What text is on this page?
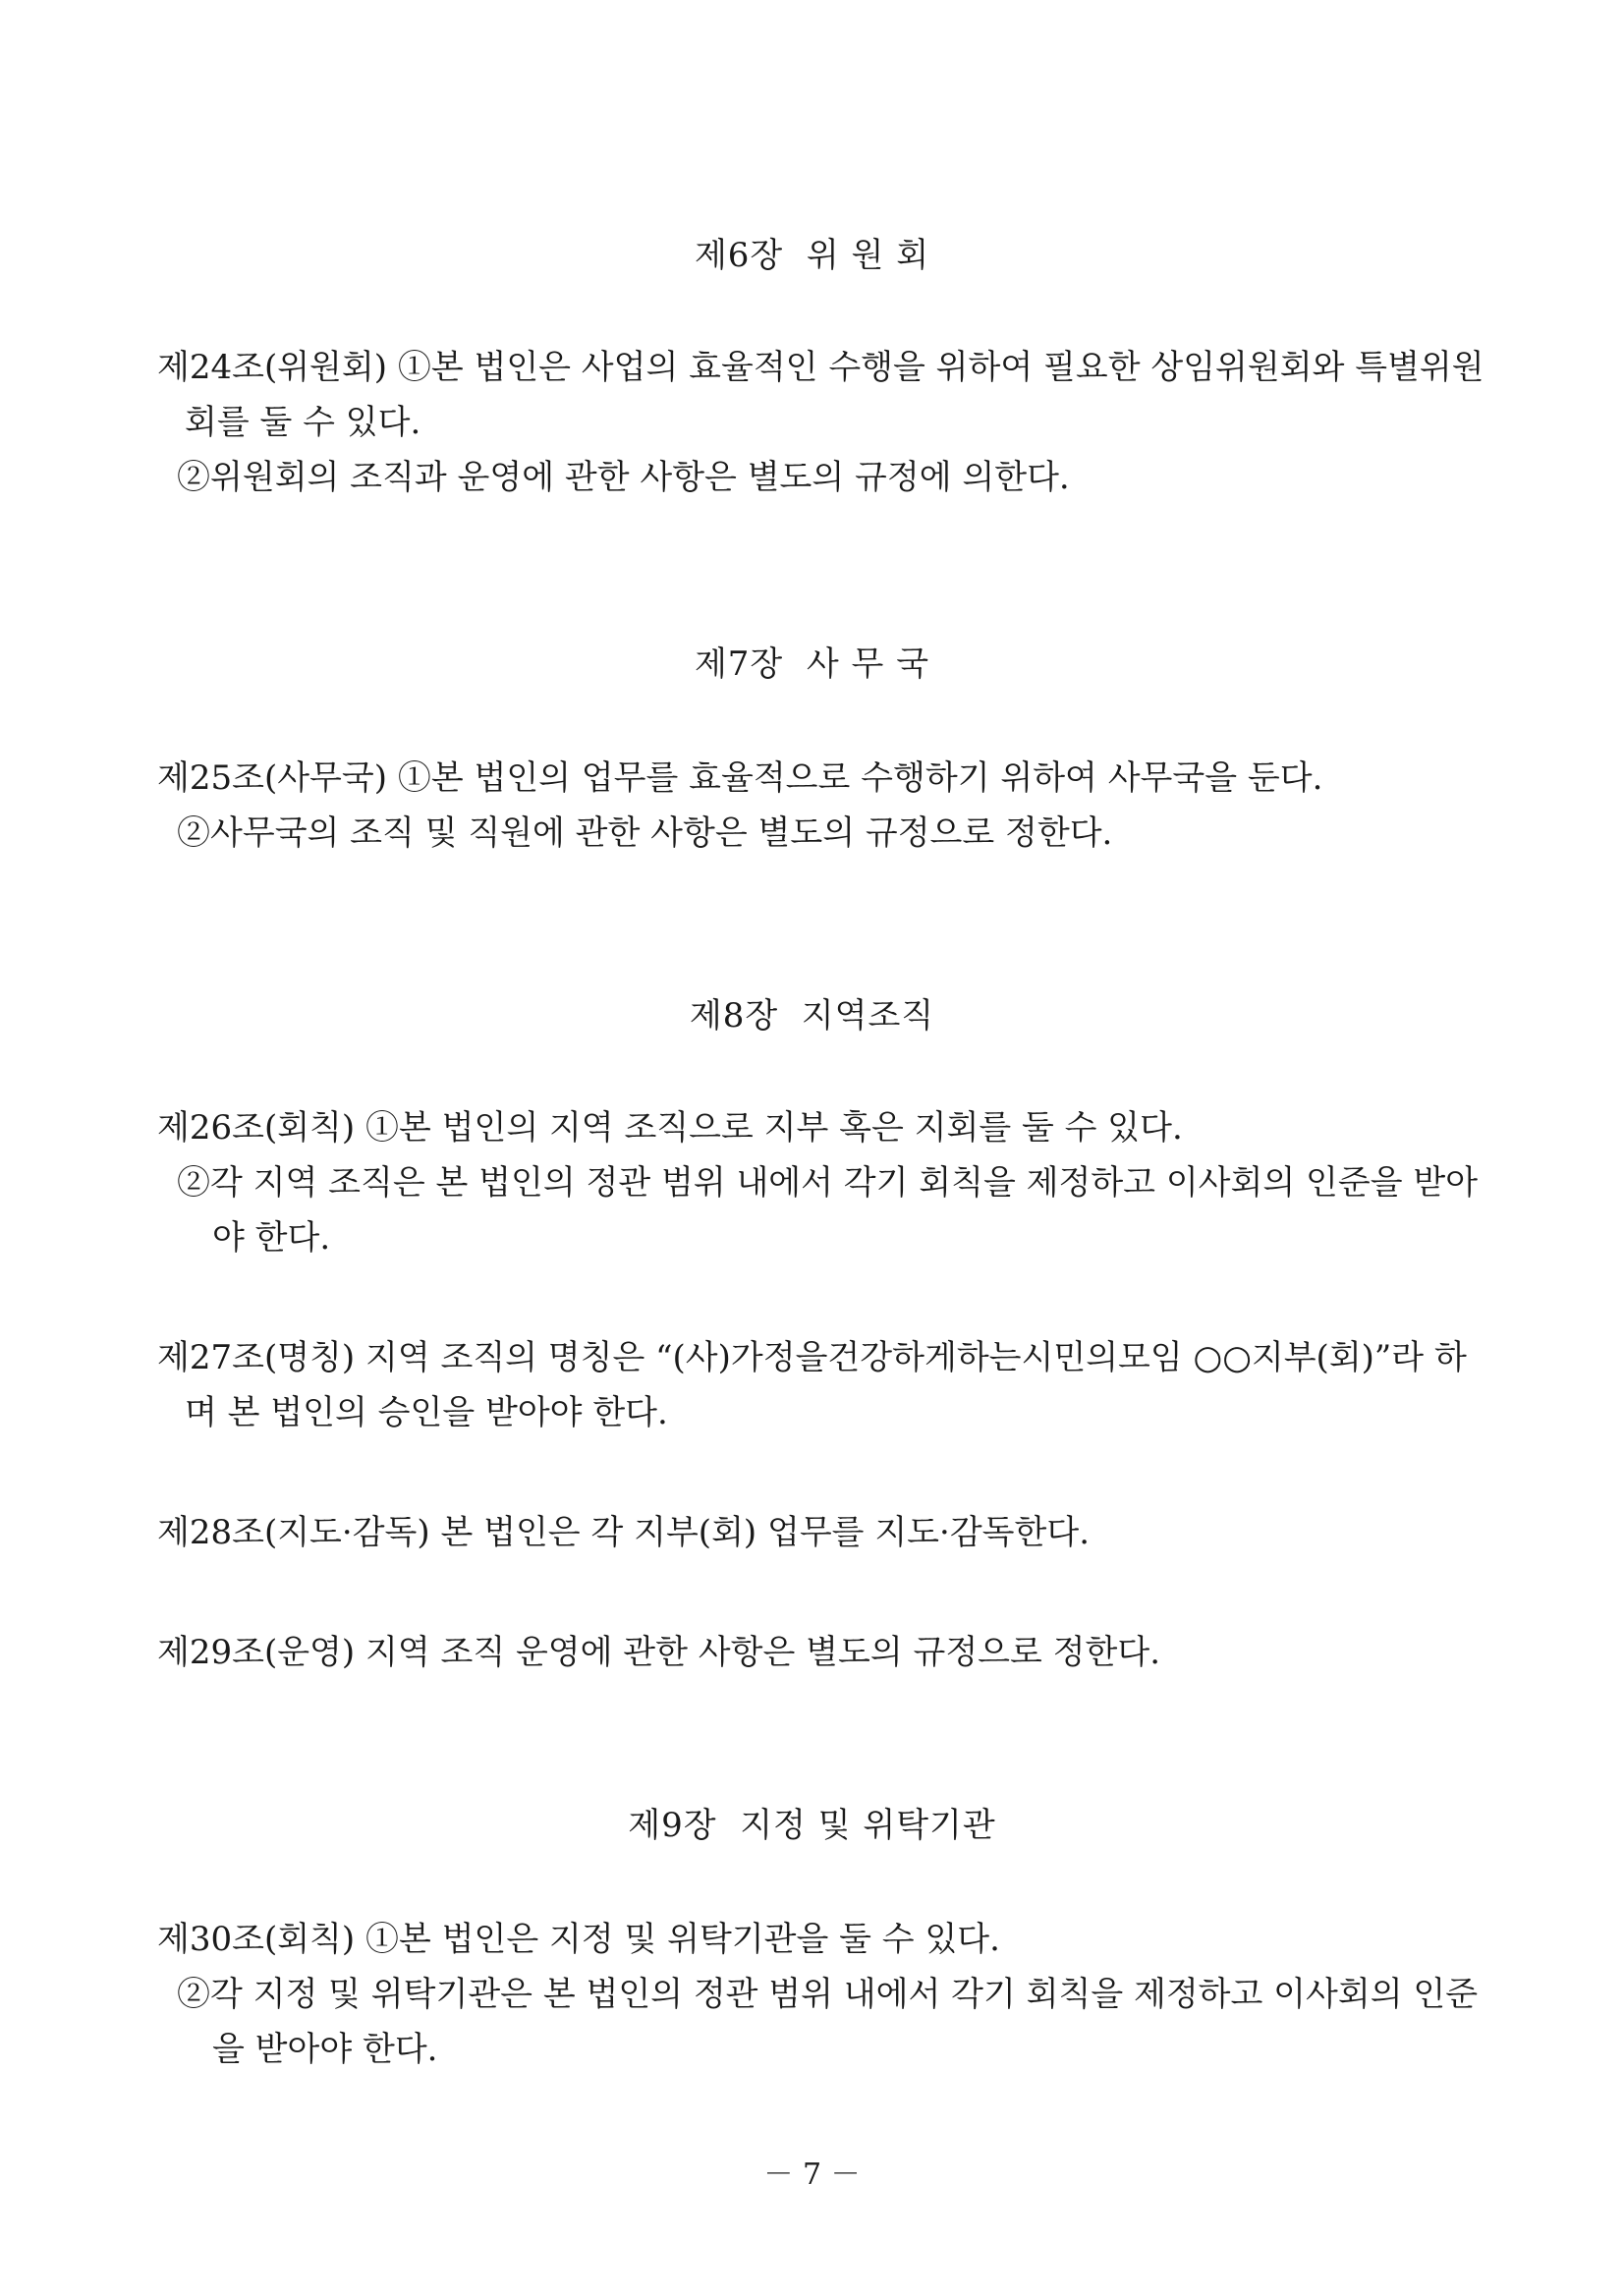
제6장  위 원 회

제24조(위원회) ①본 법인은 사업의 효율적인 수행을 위하여 필요한 상임위원회와 특별위원회를 둘 수 있다.

②위원회의 조직과 운영에 관한 사항은 별도의 규정에 의한다.

제7장  사 무 국

제25조(사무국) ①본 법인의 업무를 효율적으로 수행하기 위하여 사무국을 둔다.

②사무국의 조직 및 직원에 관한 사항은 별도의 규정으로 정한다.

제8장  지역조직

제26조(회칙) ①본 법인의 지역 조직으로 지부 혹은 지회를 둘 수 있다.

②각 지역 조직은 본 법인의 정관 범위 내에서 각기 회칙을 제정하고 이사회의 인준을 받아야 한다.

제27조(명칭) 지역 조직의 명칭은 “(사)가정을건강하게하는시민의모임 ○○지부(회)”라 하며 본 법인의 승인을 받아야 한다.

제28조(지도·감독) 본 법인은 각 지부(회) 업무를 지도·감독한다.

제29조(운영) 지역 조직 운영에 관한 사항은 별도의 규정으로 정한다.

제9장  지정 및 위탁기관

제30조(회칙) ①본 법인은 지정 및 위탁기관을 둘 수 있다.

②각 지정 및 위탁기관은 본 법인의 정관 범위 내에서 각기 회칙을 제정하고 이사회의 인준을 받아야 한다.

－ 7 －
